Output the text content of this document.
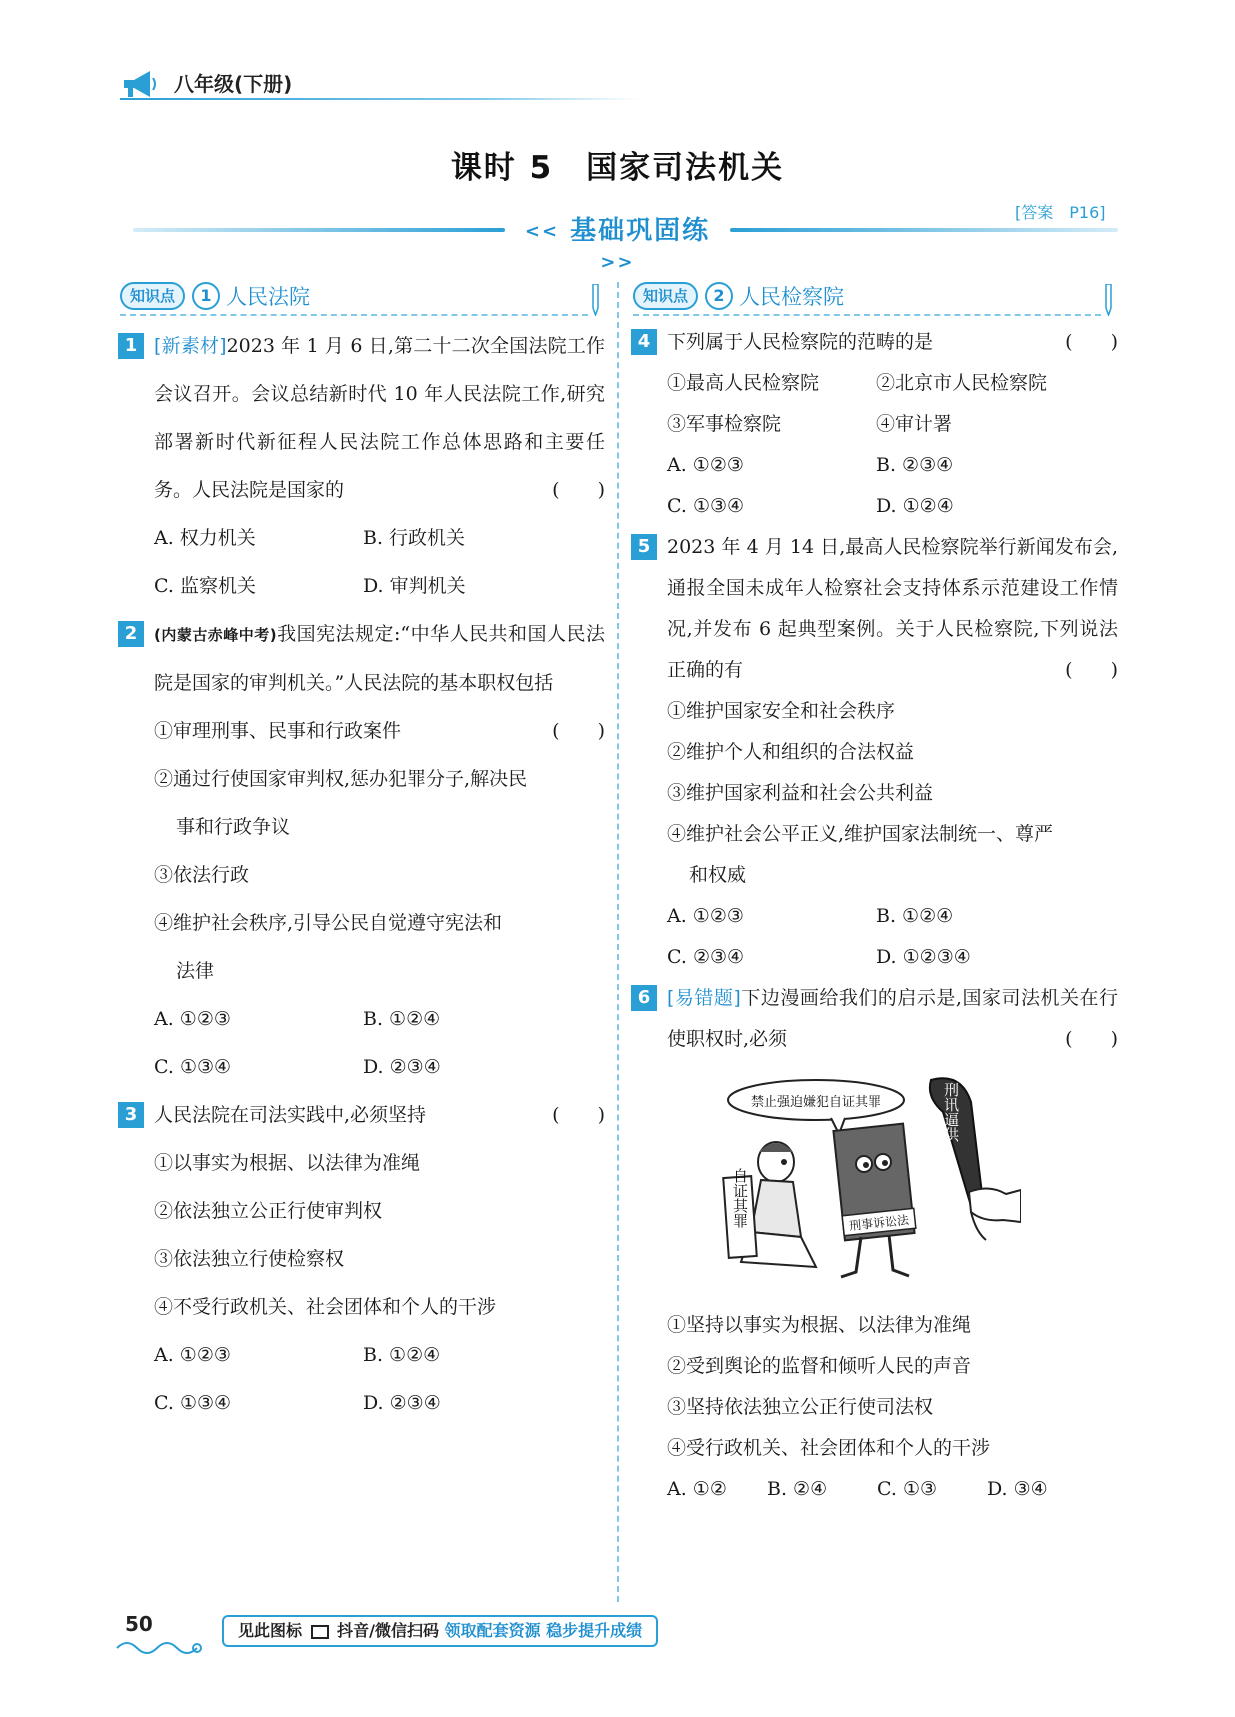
八年级(下册)
课时 5　国家司法机关
[答案　P16]
<< 基础巩固练 >>
知识点	1 人民法院
1 [新素材]2023 年 1 月 6 日,第二十二次全国法院工作会议召开。会议总结新时代 10 年人民法院工作,研究部署新时代新征程人民法院工作总体思路和主要任务。人民法院是国家的	(　　)
A. 权力机关	B. 行政机关
C. 监察机关	D. 审判机关
2	(内蒙古赤峰中考)我国宪法规定:“中华人民共和国人民法院是国家的审判机关。”人民法院的基本职权包括
(　　)
①审理刑事、民事和行政案件
②通过行使国家审判权,惩办犯罪分子,解决民
事和行政争议
③依法行政
④维护社会秩序,引导公民自觉遵守宪法和
法律
A. ①②③	B. ①②④
C. ①③④	D. ②③④
3 人民法院在司法实践中,必须坚持	(　　)
①以事实为根据、以法律为准绳
②依法独立公正行使审判权
③依法独立行使检察权
④不受行政机关、社会团体和个人的干涉
A. ①②③	B. ①②④
C. ①③④	D. ②③④
知识点	2 人民检察院
4 下列属于人民检察院的范畴的是	(　　)
①最高人民检察院	②北京市人民检察院
③军事检察院	④审计署
A. ①②③	B. ②③④
C. ①③④	D. ①②④
5 2023 年 4 月 14 日,最高人民检察院举行新闻发布会,通报全国未成年人检察社会支持体系示范建设工作情况,并发布 6 起典型案例。关于人民检察院,下列说法正确的有	(　　)
①维护国家安全和社会秩序
②维护个人和组织的合法权益
③维护国家利益和社会公共利益
④维护社会公平正义,维护国家法制统一、尊严
和权威
A. ①②③	B. ①②④
C. ②③④	D. ①②③④
6 [易错题]下边漫画给我们的启示是,国家司法机关在行使职权时,必须	(　　)
禁止强迫嫌犯自证其罪
自证其罪	刑事诉讼法
刑讯逼供
①坚持以事实为根据、以法律为准绳
②受到舆论的监督和倾听人民的声音
③坚持依法独立公正行使司法权
④受行政机关、社会团体和个人的干涉
A. ①②	B. ②④	C. ①③	D. ③④
50	见此图标 抖音/微信扫码 领取配套资源 稳步提升成绩
